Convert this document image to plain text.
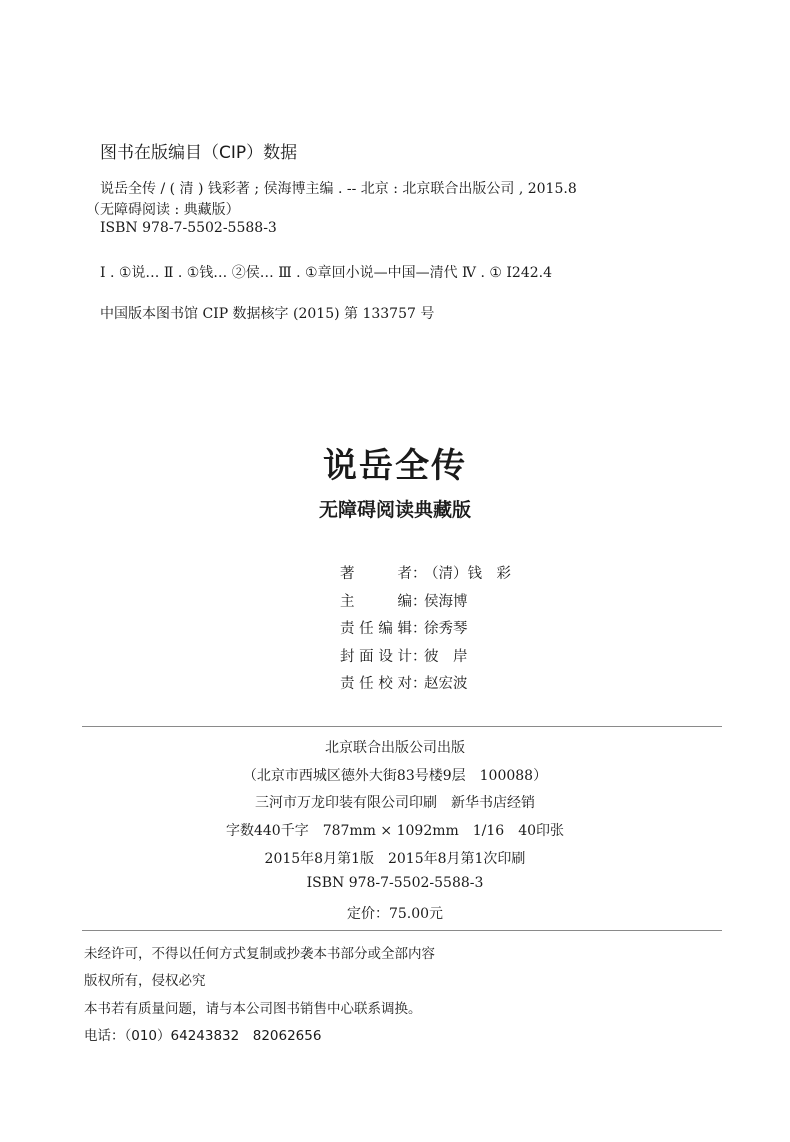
图书在版编目（CIP）数据
说岳全传 / ( 清 ) 钱彩著 ; 侯海博主编 . -- 北京 : 北京联合出版公司 , 2015.8
（无障碍阅读 : 典藏版）
ISBN 978-7-5502-5588-3
Ⅰ . ①说… Ⅱ . ①钱… ②侯… Ⅲ . ①章回小说—中国—清代 Ⅳ . ① I242.4
中国版本图书馆 CIP 数据核字 (2015) 第 133757 号
说岳全传
无障碍阅读典藏版
著	者 ：
（清）钱　彩
主	编 ：
侯海博
责 任 编 辑 ：
徐秀琴
封 面 设 计 ：
彼　岸
责 任 校 对 ：
赵宏波
北京联合出版公司出版
（北京市西城区德外大街83号楼9层　100088）
三河市万龙印装有限公司印刷　新华书店经销
字数440千字　787mm × 1092mm　1/16　40印张
2015年8月第1版　2015年8月第1次印刷
ISBN 978-7-5502-5588-3
定价：75.00元
未经许可，不得以任何方式复制或抄袭本书部分或全部内容
版权所有，侵权必究
本书若有质量问题，请与本公司图书销售中心联系调换。
电话：（010）64243832　82062656
